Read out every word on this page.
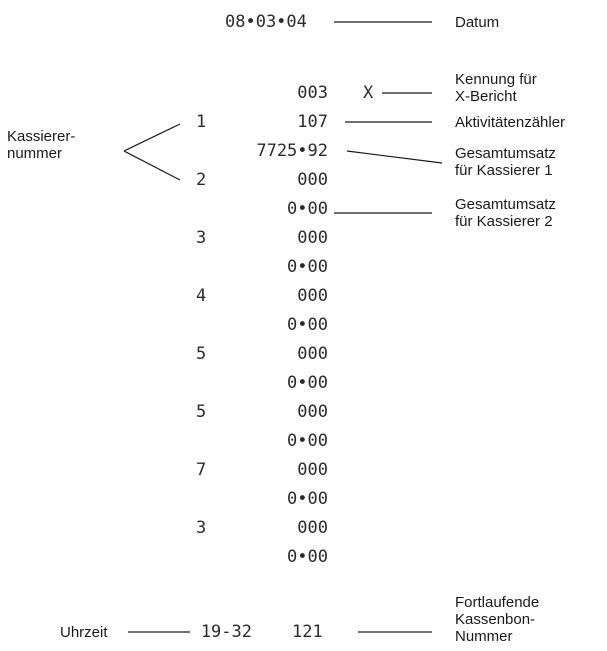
08•03•04
003 X
1	107
7725•92
2	000
0•00
3	000
0•00
4	000
0•00
5	000
0•00
5	000
0•00
7	000
0•00
3	000
0•00
19-32 121
Datum
Kennung für
X-Bericht
Aktivitätenzähler
Gesamtumsatz
für Kassierer 1
Gesamtumsatz
für Kassierer 2
Kassierer-
nummer
Uhrzeit
Fortlaufende
Kassenbon-
Nummer
